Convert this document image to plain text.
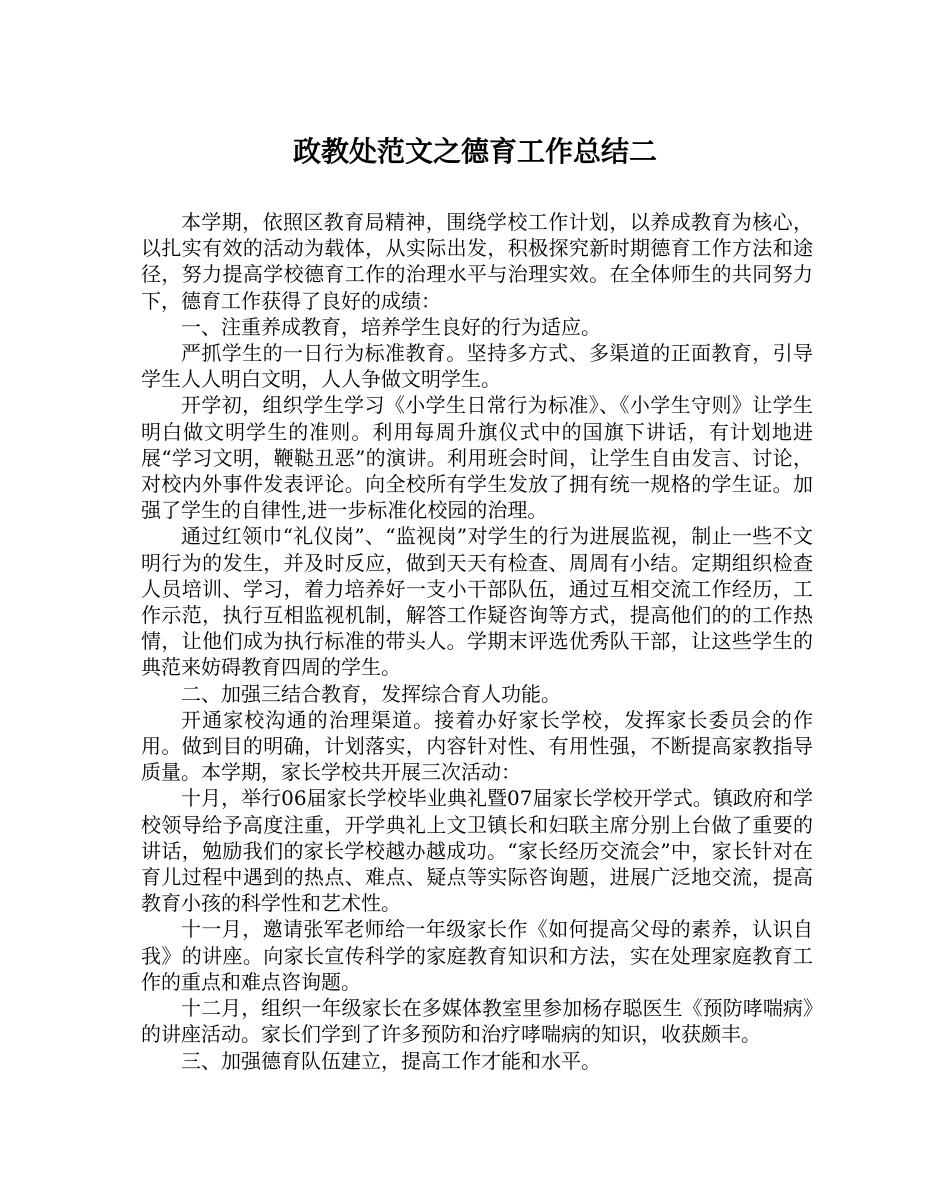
政教处范文之德育工作总结二

本学期，依照区教育局精神，围绕学校工作计划，以养成教育为核心，以扎实有效的活动为载体，从实际出发，积极探究新时期德育工作方法和途径，努力提高学校德育工作的治理水平与治理实效。在全体师生的共同努力下，德育工作获得了良好的成绩：

一、注重养成教育，培养学生良好的行为适应。

严抓学生的一日行为标准教育。坚持多方式、多渠道的正面教育，引导学生人人明白文明，人人争做文明学生。

开学初，组织学生学习《小学生日常行为标准》、《小学生守则》让学生明白做文明学生的准则。利用每周升旗仪式中的国旗下讲话，有计划地进展“学习文明，鞭鞑丑恶”的演讲。利用班会时间，让学生自由发言、讨论，对校内外事件发表评论。向全校所有学生发放了拥有统一规格的学生证。加强了学生的自律性,进一步标准化校园的治理。

通过红领巾“礼仪岗”、“监视岗”对学生的行为进展监视，制止一些不文明行为的发生，并及时反应，做到天天有检查、周周有小结。定期组织检查人员培训、学习，着力培养好一支小干部队伍，通过互相交流工作经历，工作示范，执行互相监视机制，解答工作疑咨询等方式，提高他们的的工作热情，让他们成为执行标准的带头人。学期末评选优秀队干部，让这些学生的典范来妨碍教育四周的学生。

二、加强三结合教育，发挥综合育人功能。

开通家校沟通的治理渠道。接着办好家长学校，发挥家长委员会的作用。做到目的明确，计划落实，内容针对性、有用性强，不断提高家教指导质量。本学期，家长学校共开展三次活动：

十月，举行06届家长学校毕业典礼暨07届家长学校开学式。镇政府和学校领导给予高度注重，开学典礼上文卫镇长和妇联主席分别上台做了重要的讲话，勉励我们的家长学校越办越成功。“家长经历交流会”中，家长针对在育儿过程中遇到的热点、难点、疑点等实际咨询题，进展广泛地交流，提高教育小孩的科学性和艺术性。

十一月，邀请张军老师给一年级家长作《如何提高父母的素养，认识自我》的讲座。向家长宣传科学的家庭教育知识和方法，实在处理家庭教育工作的重点和难点咨询题。

十二月，组织一年级家长在多媒体教室里参加杨存聪医生《预防哮喘病》的讲座活动。家长们学到了许多预防和治疗哮喘病的知识，收获颇丰。

三、加强德育队伍建立，提高工作才能和水平。
